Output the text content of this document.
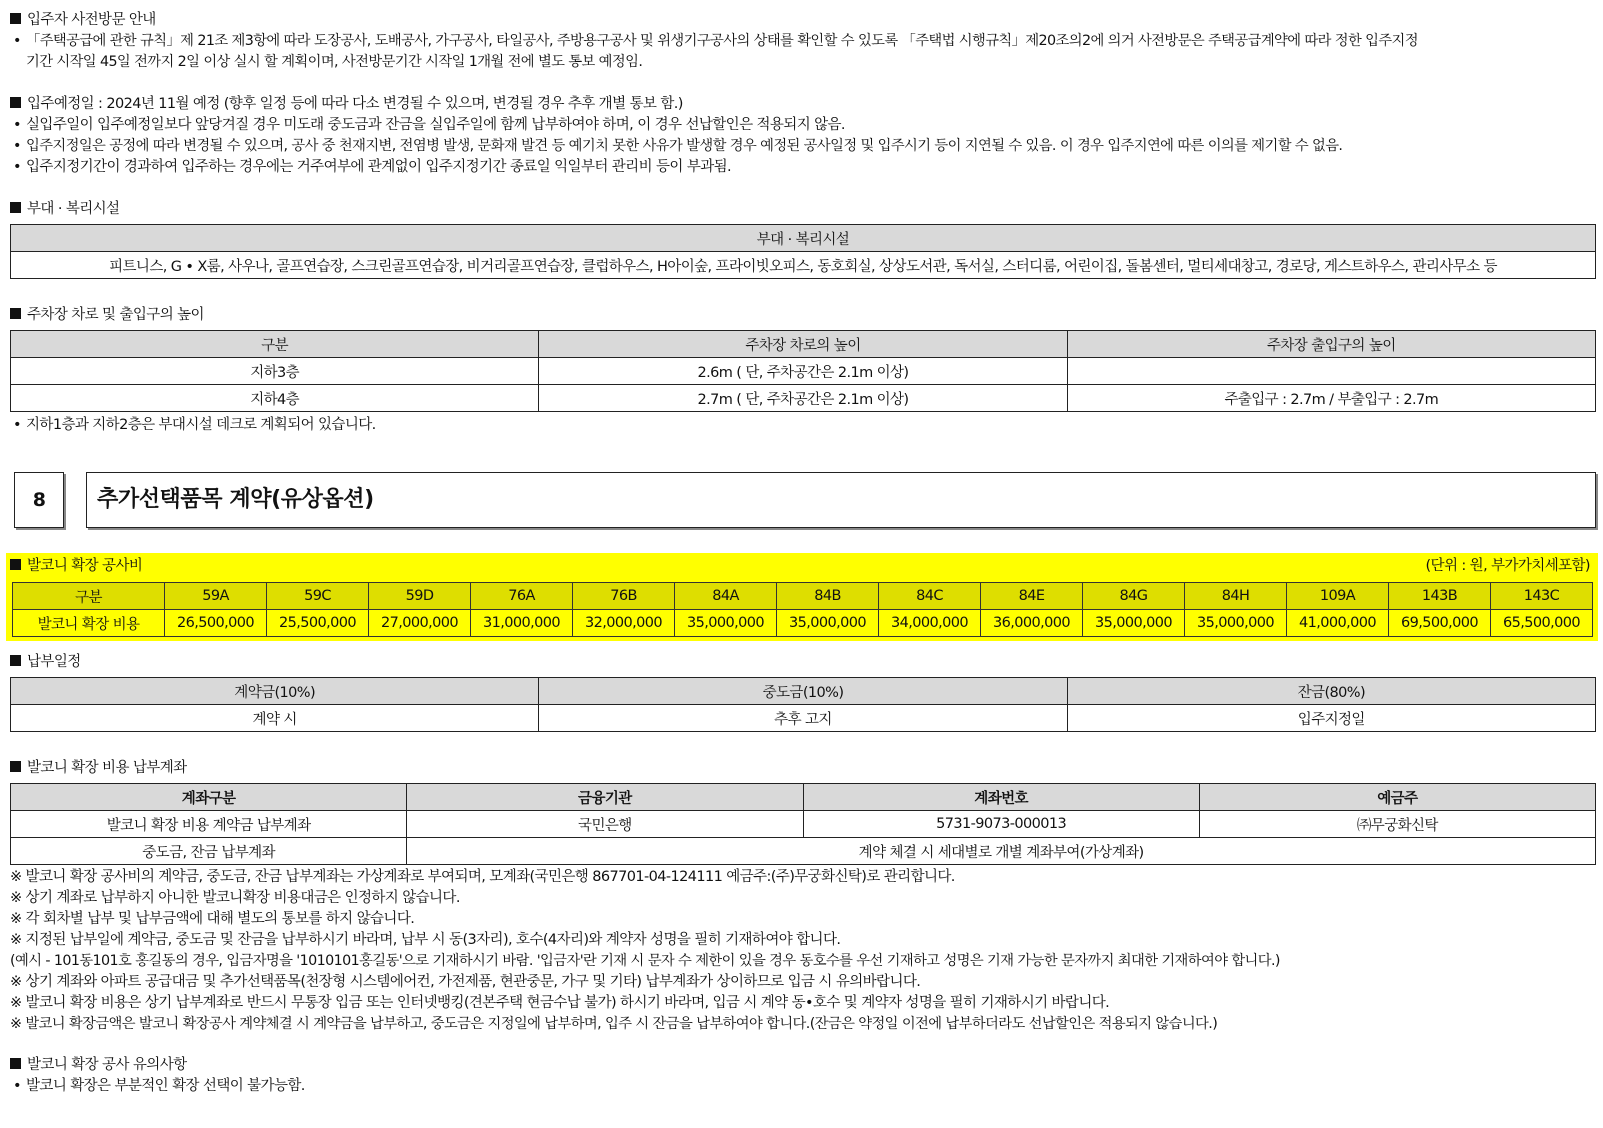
입주자 사전방문 안내
• 「주택공급에 관한 규칙」제 21조 제3항에 따라 도장공사, 도배공사, 가구공사, 타일공사, 주방용구공사 및 위생기구공사의 상태를 확인할 수 있도록 「주택법 시행규칙」제20조의2에 의거 사전방문은 주택공급계약에 따라 정한 입주지정
기간 시작일 45일 전까지 2일 이상 실시 할 계획이며, 사전방문기간 시작일 1개월 전에 별도 통보 예정임.
입주예정일 : 2024년 11월 예정 (향후 일정 등에 따라 다소 변경될 수 있으며, 변경될 경우 추후 개별 통보 함.)
• 실입주일이 입주예정일보다 앞당겨질 경우 미도래 중도금과 잔금을 실입주일에 함께 납부하여야 하며, 이 경우 선납할인은 적용되지 않음.
• 입주지정일은 공정에 따라 변경될 수 있으며, 공사 중 천재지변, 전염병 발생, 문화재 발견 등 예기치 못한 사유가 발생할 경우 예정된 공사일정 및 입주시기 등이 지연될 수 있음. 이 경우 입주지연에 따른 이의를 제기할 수 없음.
• 입주지정기간이 경과하여 입주하는 경우에는 거주여부에 관계없이 입주지정기간 종료일 익일부터 관리비 등이 부과됨.
부대 · 복리시설
부대 · 복리시설
피트니스, G • X룸, 사우나, 골프연습장, 스크린골프연습장, 비거리골프연습장, 클럽하우스, H아이숲, 프라이빗오피스, 동호회실, 상상도서관, 독서실, 스터디룸, 어린이집, 돌봄센터, 멀티세대창고, 경로당, 게스트하우스, 관리사무소 등
주차장 차로 및 출입구의 높이
구분	주차장 차로의 높이	주차장 출입구의 높이
지하3층	2.6m ( 단, 주차공간은 2.1m 이상)	
지하4층	2.7m ( 단, 주차공간은 2.1m 이상)	주출입구 : 2.7m / 부출입구 : 2.7m
• 지하1층과 지하2층은 부대시설 데크로 계획되어 있습니다.
8	추가선택품목 계약(유상옵션)
발코니 확장 공사비	(단위 : 원, 부가가치세포함)
구분	59A	59C	59D	76A	76B	84A	84B	84C	84E	84G	84H	109A	143B	143C
발코니 확장 비용	26,500,000	25,500,000	27,000,000	31,000,000	32,000,000	35,000,000	35,000,000	34,000,000	36,000,000	35,000,000	35,000,000	41,000,000	69,500,000	65,500,000
납부일정
계약금(10%)	중도금(10%)	잔금(80%)
계약 시	추후 고지	입주지정일
발코니 확장 비용 납부계좌
계좌구분	금융기관	계좌번호	예금주
발코니 확장 비용 계약금 납부계좌	국민은행	5731-9073-000013	㈜무궁화신탁
중도금, 잔금 납부계좌	계약 체결 시 세대별로 개별 계좌부여(가상계좌)		
※ 발코니 확장 공사비의 계약금, 중도금, 잔금 납부계좌는 가상계좌로 부여되며, 모계좌(국민은행 867701-04-124111 예금주:(주)무궁화신탁)로 관리합니다.
※ 상기 계좌로 납부하지 아니한 발코니확장 비용대금은 인정하지 않습니다.
※ 각 회차별 납부 및 납부금액에 대해 별도의 통보를 하지 않습니다.
※ 지정된 납부일에 계약금, 중도금 및 잔금을 납부하시기 바라며, 납부 시 동(3자리), 호수(4자리)와 계약자 성명을 필히 기재하여야 합니다.
(예시 - 101동101호 홍길동의 경우, 입금자명을 '1010101홍길동'으로 기재하시기 바람. '입금자'란 기재 시 문자 수 제한이 있을 경우 동호수를 우선 기재하고 성명은 기재 가능한 문자까지 최대한 기재하여야 합니다.)
※ 상기 계좌와 아파트 공급대금 및 추가선택품목(천장형 시스템에어컨, 가전제품, 현관중문, 가구 및 기타) 납부계좌가 상이하므로 입금 시 유의바랍니다.
※ 발코니 확장 비용은 상기 납부계좌로 반드시 무통장 입금 또는 인터넷뱅킹(견본주택 현금수납 불가) 하시기 바라며, 입금 시 계약 동•호수 및 계약자 성명을 필히 기재하시기 바랍니다.
※ 발코니 확장금액은 발코니 확장공사 계약체결 시 계약금을 납부하고, 중도금은 지정일에 납부하며, 입주 시 잔금을 납부하여야 합니다.(잔금은 약정일 이전에 납부하더라도 선납할인은 적용되지 않습니다.)
발코니 확장 공사 유의사항
• 발코니 확장은 부분적인 확장 선택이 불가능함.
